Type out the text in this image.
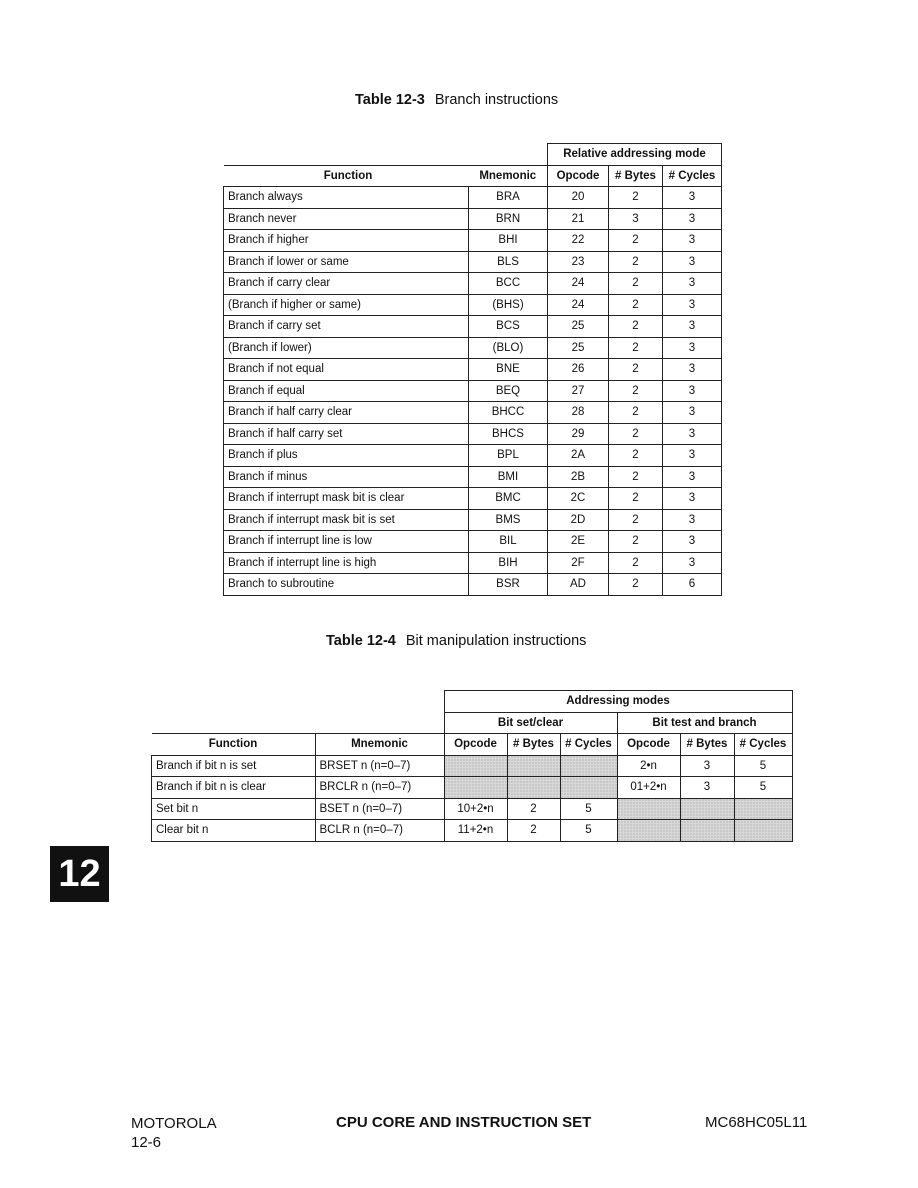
Table 12-3 Branch instructions
		Relative addressing mode		
Function	Mnemonic	Opcode	# Bytes	# Cycles
Branch always	BRA	20	2	3
Branch never	BRN	21	3	3
Branch if higher	BHI	22	2	3
Branch if lower or same	BLS	23	2	3
Branch if carry clear	BCC	24	2	3
(Branch if higher or same)	(BHS)	24	2	3
Branch if carry set	BCS	25	2	3
(Branch if lower)	(BLO)	25	2	3
Branch if not equal	BNE	26	2	3
Branch if equal	BEQ	27	2	3
Branch if half carry clear	BHCC	28	2	3
Branch if half carry set	BHCS	29	2	3
Branch if plus	BPL	2A	2	3
Branch if minus	BMI	2B	2	3
Branch if interrupt mask bit is clear	BMC	2C	2	3
Branch if interrupt mask bit is set	BMS	2D	2	3
Branch if interrupt line is low	BIL	2E	2	3
Branch if interrupt line is high	BIH	2F	2	3
Branch to subroutine	BSR	AD	2	6
Table 12-4 Bit manipulation instructions
		Addressing modes					
		Bit set/clear			Bit test and branch		
Function	Mnemonic	Opcode	# Bytes	# Cycles	Opcode	# Bytes	# Cycles
Branch if bit n is set	BRSET n (n=0–7)				2•n	3	5
Branch if bit n is clear	BRCLR n (n=0–7)				01+2•n	3	5
Set bit n	BSET n (n=0–7)	10+2•n	2	5			
Clear bit n	BCLR n (n=0–7)	11+2•n	2	5			
12
MOTOROLA
12-6
CPU CORE AND INSTRUCTION SET	MC68HC05L11
